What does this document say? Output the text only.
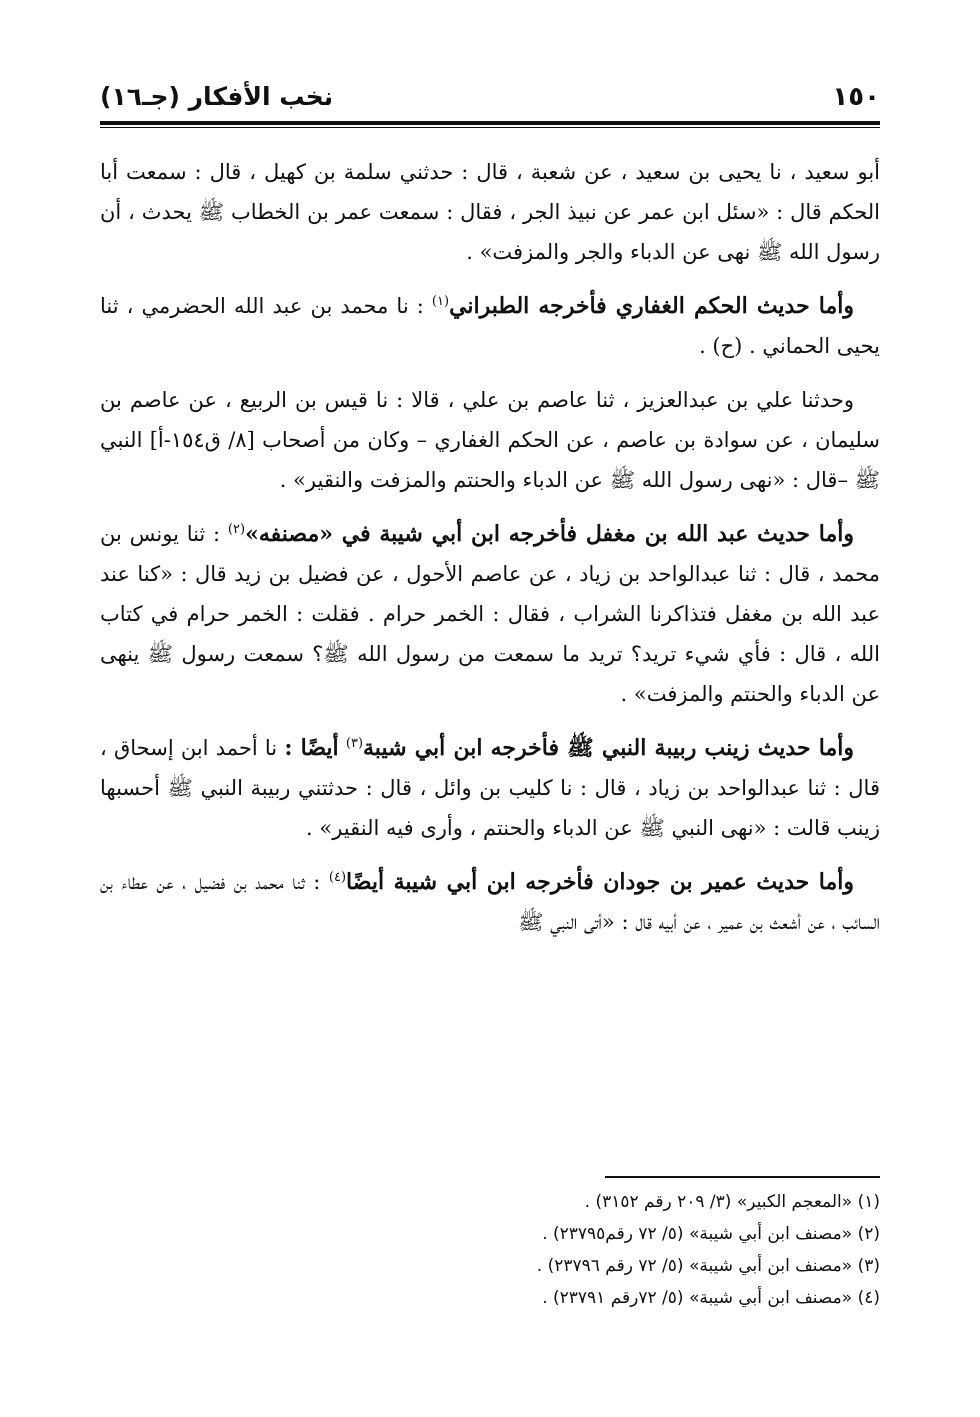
١٥٠
نخب الأفكار (جـ١٦)

أبو سعيد ، نا يحيى بن سعيد ، عن شعبة ، قال : حدثني سلمة بن كهيل ، قال : سمعت أبا الحكم قال : «سئل ابن عمر عن نبيذ الجر ، فقال : سمعت عمر بن الخطاب ﷺ يحدث ، أن رسول الله ﷺ نهى عن الدباء والجر والمزفت» .

وأما حديث الحكم الغفاري فأخرجه الطبراني$^{(١)}$ : نا محمد بن عبد الله الحضرمي ، ثنا يحيى الحماني . (ح) .

وحدثنا علي بن عبدالعزيز ، ثنا عاصم بن علي ، قالا : نا قيس بن الربيع ، عن عاصم بن سليمان ، عن سوادة بن عاصم ، عن الحكم الغفاري – وكان من أصحاب [٨/ ق١٥٤-أ] النبي ﷺ –قال : «نهى رسول الله ﷺ عن الدباء والحنتم والمزفت والنقير» .

وأما حديث عبد الله بن مغفل فأخرجه ابن أبي شيبة في «مصنفه»$^{(٢)}$ : ثنا يونس بن محمد ، قال : ثنا عبدالواحد بن زياد ، عن عاصم الأحول ، عن فضيل بن زيد قال : «كنا عند عبد الله بن مغفل فتذاكرنا الشراب ، فقال : الخمر حرام . فقلت : الخمر حرام في كتاب الله ، قال : فأي شيء تريد؟ تريد ما سمعت من رسول الله ﷺ؟ سمعت رسول ﷺ ينهى عن الدباء والحنتم والمزفت» .

وأما حديث زينب ربيبة النبي ﷺ فأخرجه ابن أبي شيبة$^{(٣)}$ أيضًا : نا أحمد ابن إسحاق ، قال : ثنا عبدالواحد بن زياد ، قال : نا كليب بن وائل ، قال : حدثتني ربيبة النبي ﷺ أحسبها زينب قالت : «نهى النبي ﷺ عن الدباء والحنتم ، وأرى فيه النقير» .

وأما حديث عمير بن جودان فأخرجه ابن أبي شيبة أيضًا$^{(٤)}$ : ثنا محمد بن فضيل ، عن عطاء بن السائب ، عن أشعث بن عمير ، عن أبيه قال : «أتى النبي ﷺ

(١) «المعجم الكبير» (٣/ ٢٠٩ رقم ٣١٥٢) .

(٢) «مصنف ابن أبي شيبة» (٥/ ٧٢ رقم٢٣٧٩٥) .

(٣) «مصنف ابن أبي شيبة» (٥/ ٧٢ رقم ٢٣٧٩٦) .

(٤) «مصنف ابن أبي شيبة» (٥/ ٧٢رقم ٢٣٧٩١) .
